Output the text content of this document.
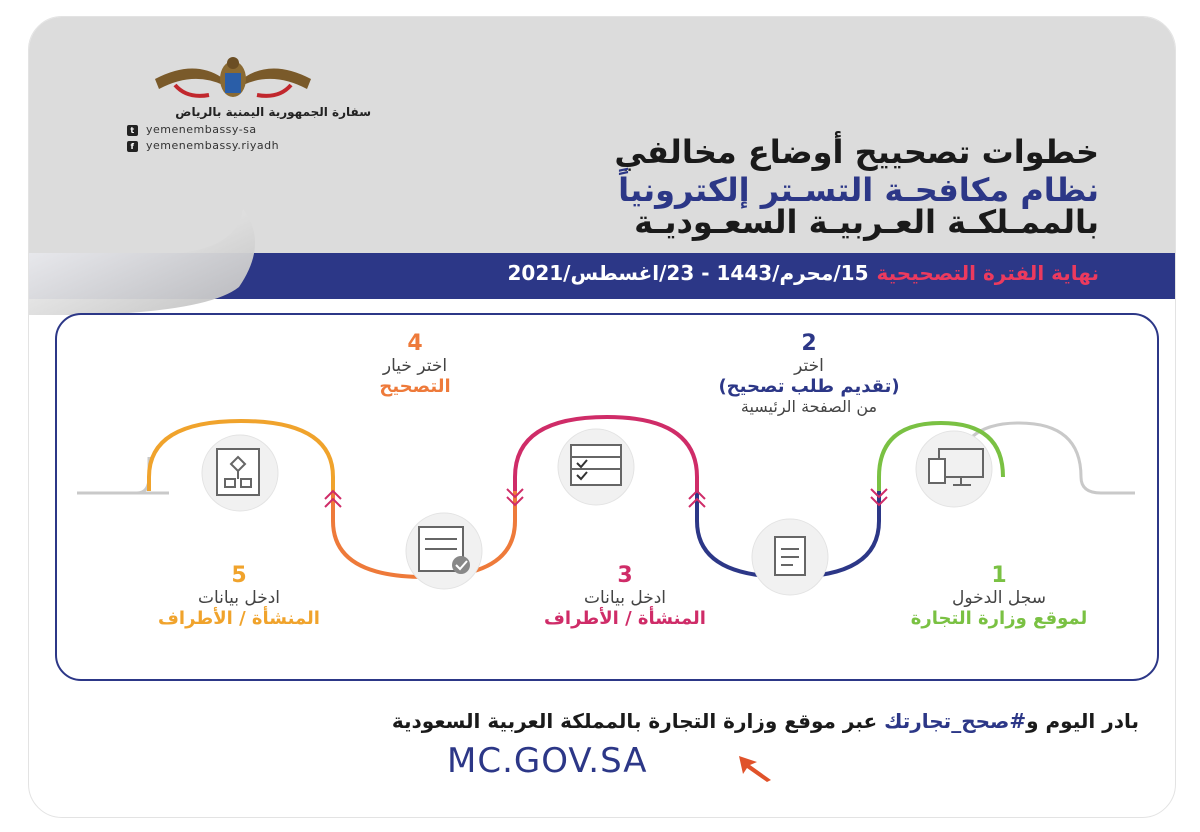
سفارة الجمهورية اليمنية بالرياض
t yemenembassy-sa
f yemenembassy.riyadh	خطوات تصحييح أوضاع مخالفي
نظام مكافحـة التسـتر إلكترونياً
بالممـلكـة العـربيـة السعـوديـة
نهاية الفترة التصحيحية15/محرم/1443 - 23/اغسطس/2021
1
سجل الدخول
لموقع وزارة التجارة
2
اختر
(تقديم طلب تصحيح)
من الصفحة الرئيسية
3
ادخل بيانات
المنشأة / الأطراف
4
اختر خيار
التصحيح
5
ادخل بيانات
المنشأة / الأطراف
بادر اليوم و#صحح_تجارتك عبر موقع وزارة التجارة بالمملكة العربية السعودية
MC.GOV.SA
